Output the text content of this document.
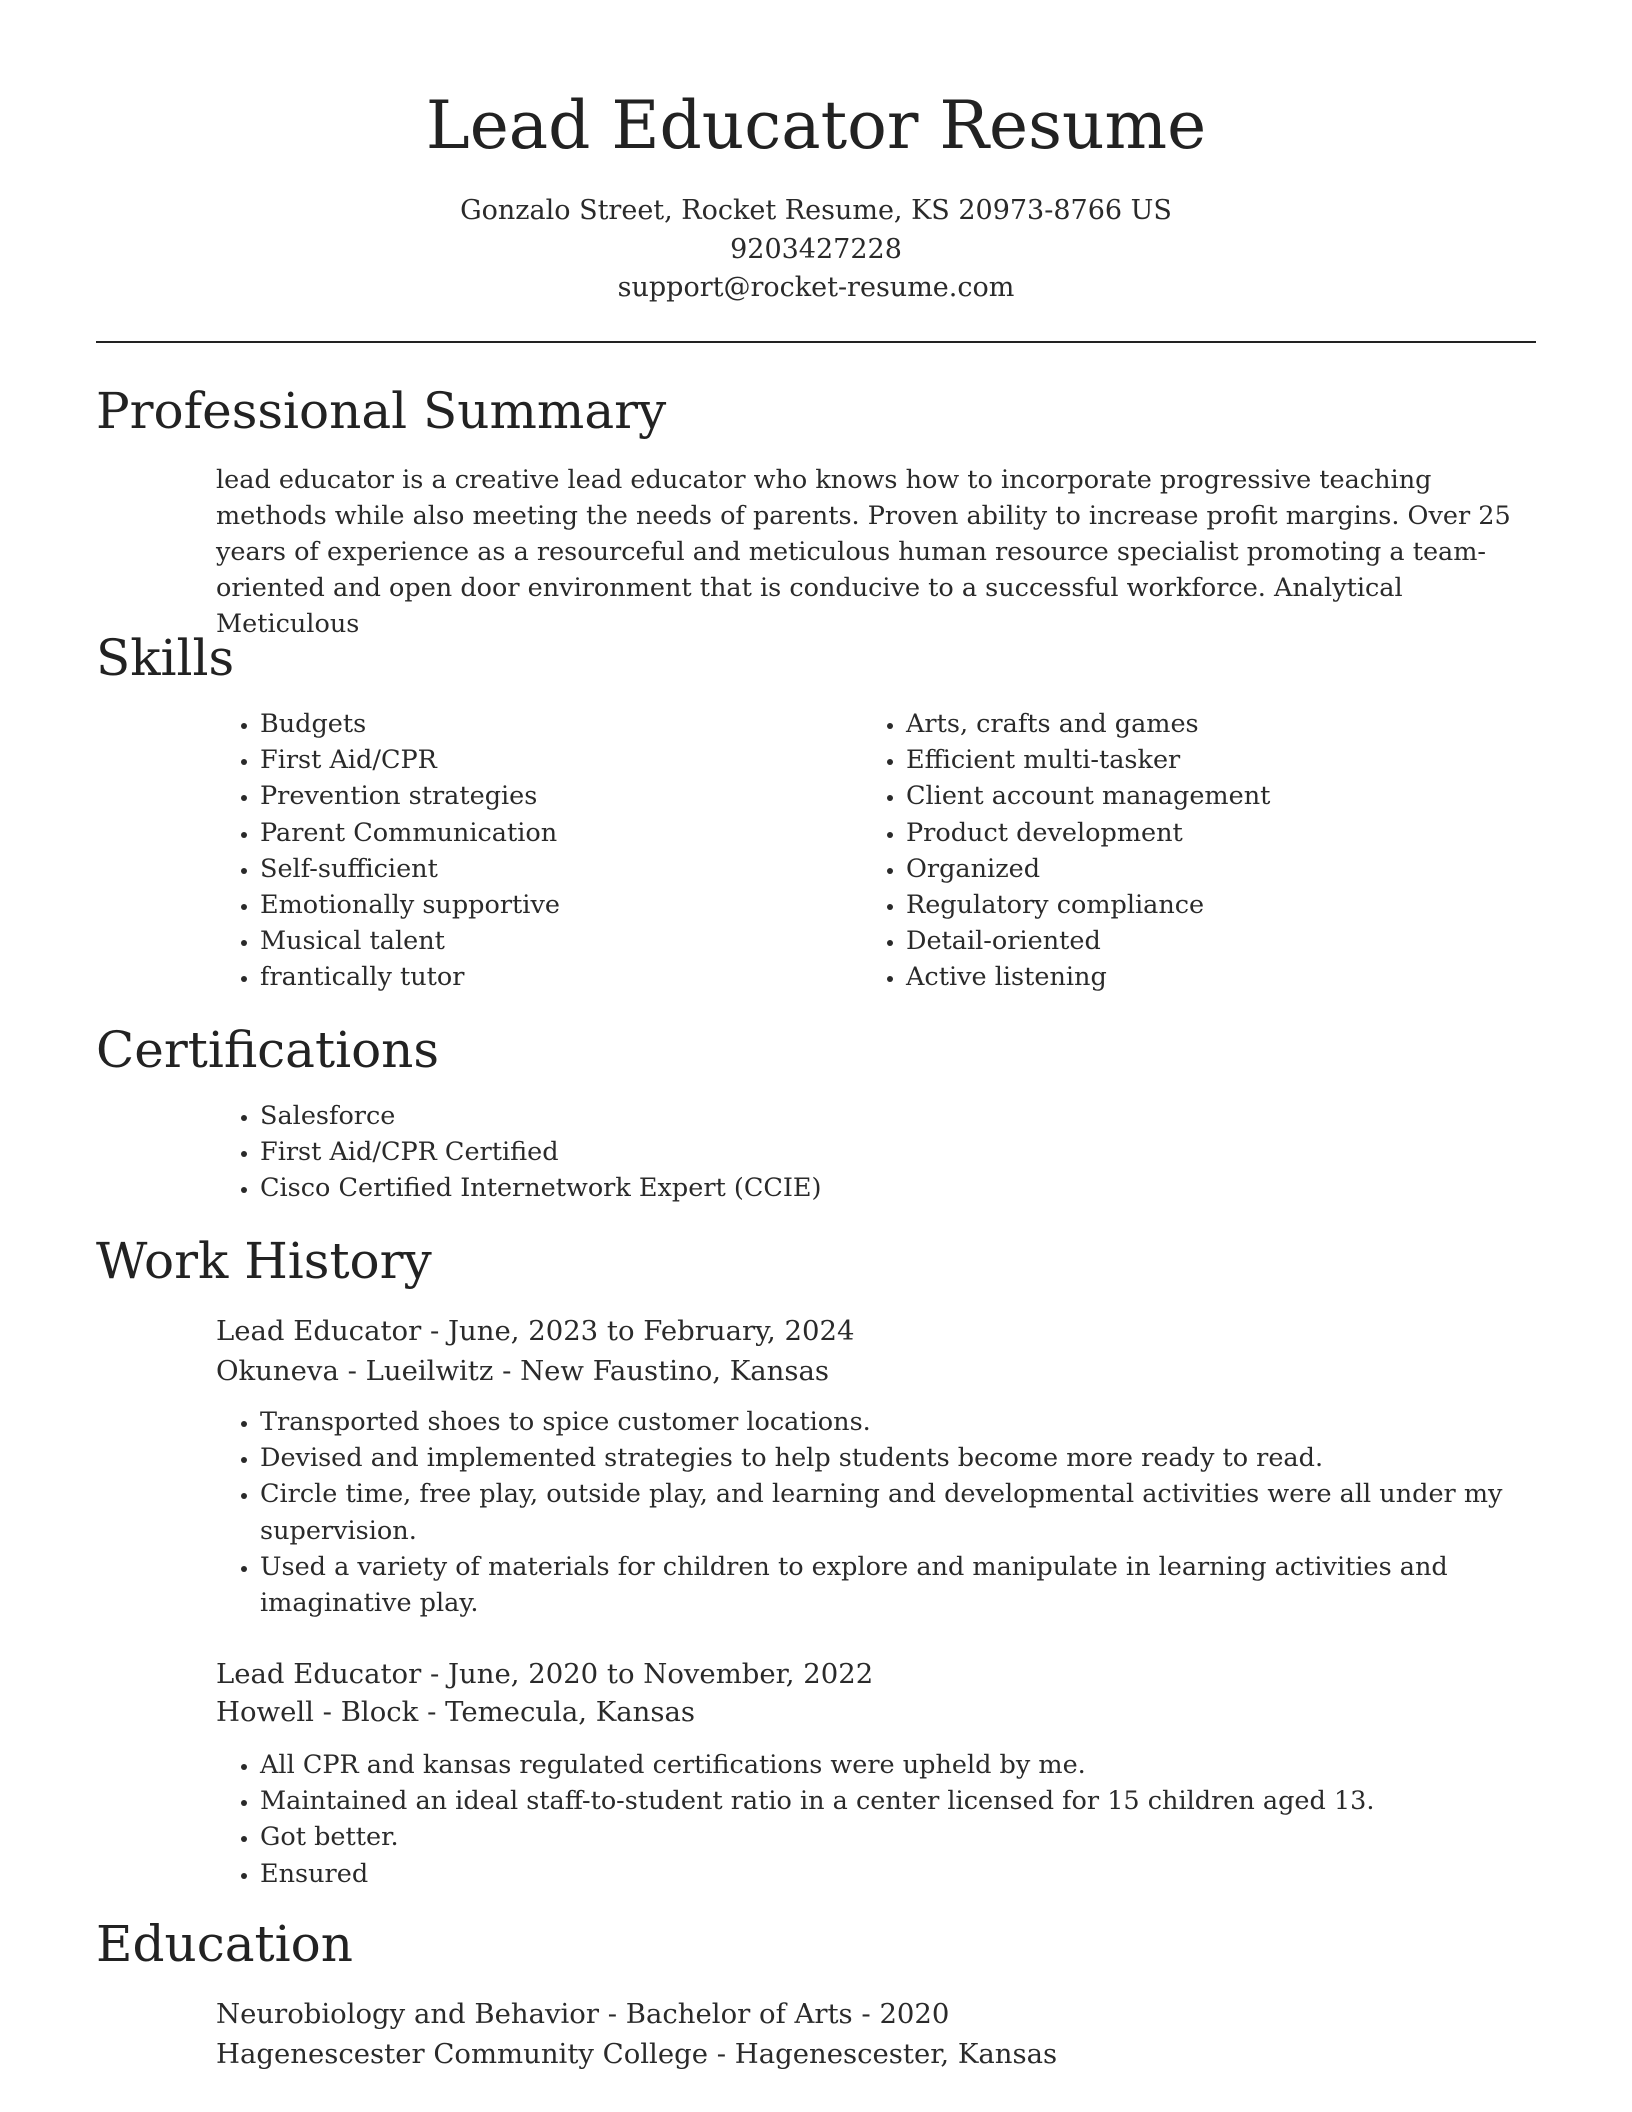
Lead Educator Resume
Gonzalo Street, Rocket Resume, KS 20973-8766 US
9203427228
support@rocket-resume.com
Professional Summary

lead educator is a creative lead educator who knows how to incorporate progressive teaching methods while also meeting the needs of parents. Proven ability to increase profit margins. Over 25 years of experience as a resourceful and meticulous human resource specialist promoting a team-oriented and open door environment that is conducive to a successful workforce. Analytical Meticulous

Skills
• Budgets
• First Aid/CPR
• Prevention strategies
• Parent Communication
• Self-sufficient
• Emotionally supportive
• Musical talent
• frantically tutor
• Arts, crafts and games
• Efficient multi-tasker
• Client account management
• Product development
• Organized
• Regulatory compliance
• Detail-oriented
• Active listening
Certifications
• Salesforce
• First Aid/CPR Certified
• Cisco Certified Internetwork Expert (CCIE)
Work History
Lead Educator - June, 2023 to February, 2024
Okuneva - Lueilwitz - New Faustino, Kansas
• Transported shoes to spice customer locations.
• Devised and implemented strategies to help students become more ready to read.
• Circle time, free play, outside play, and learning and developmental activities were all under my supervision.
• Used a variety of materials for children to explore and manipulate in learning activities and imaginative play.
Lead Educator - June, 2020 to November, 2022
Howell - Block - Temecula, Kansas
• All CPR and kansas regulated certifications were upheld by me.
• Maintained an ideal staff-to-student ratio in a center licensed for 15 children aged 13.
• Got better.
• Ensured
Education
Neurobiology and Behavior - Bachelor of Arts - 2020
Hagenescester Community College - Hagenescester, Kansas
